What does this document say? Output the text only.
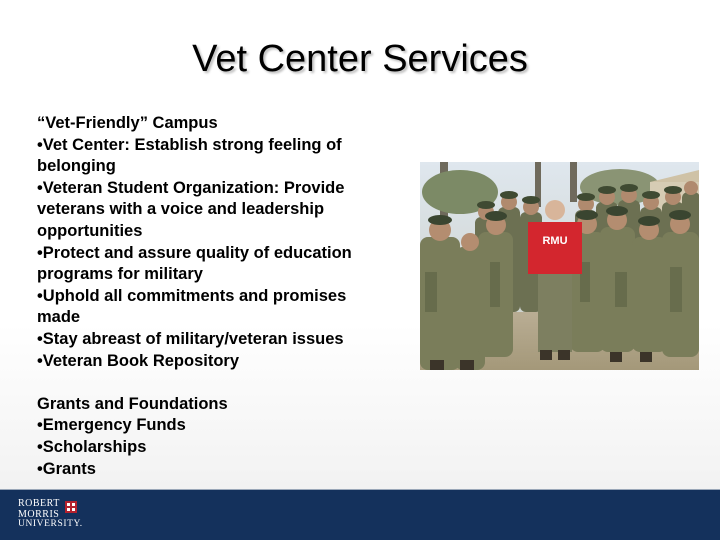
Vet Center Services
“Vet-Friendly” Campus
•Vet Center: Establish strong feeling of
belonging
•Veteran Student Organization: Provide
veterans with a voice and leadership
opportunities
•Protect and assure quality of education
programs for military
•Uphold all commitments and promises
made
•Stay abreast of military/veteran issues
•Veteran Book Repository
Grants and Foundations
•Emergency Funds
•Scholarships
•Grants
RMU
ROBERT
MORRIS
UNIVERSITY.
